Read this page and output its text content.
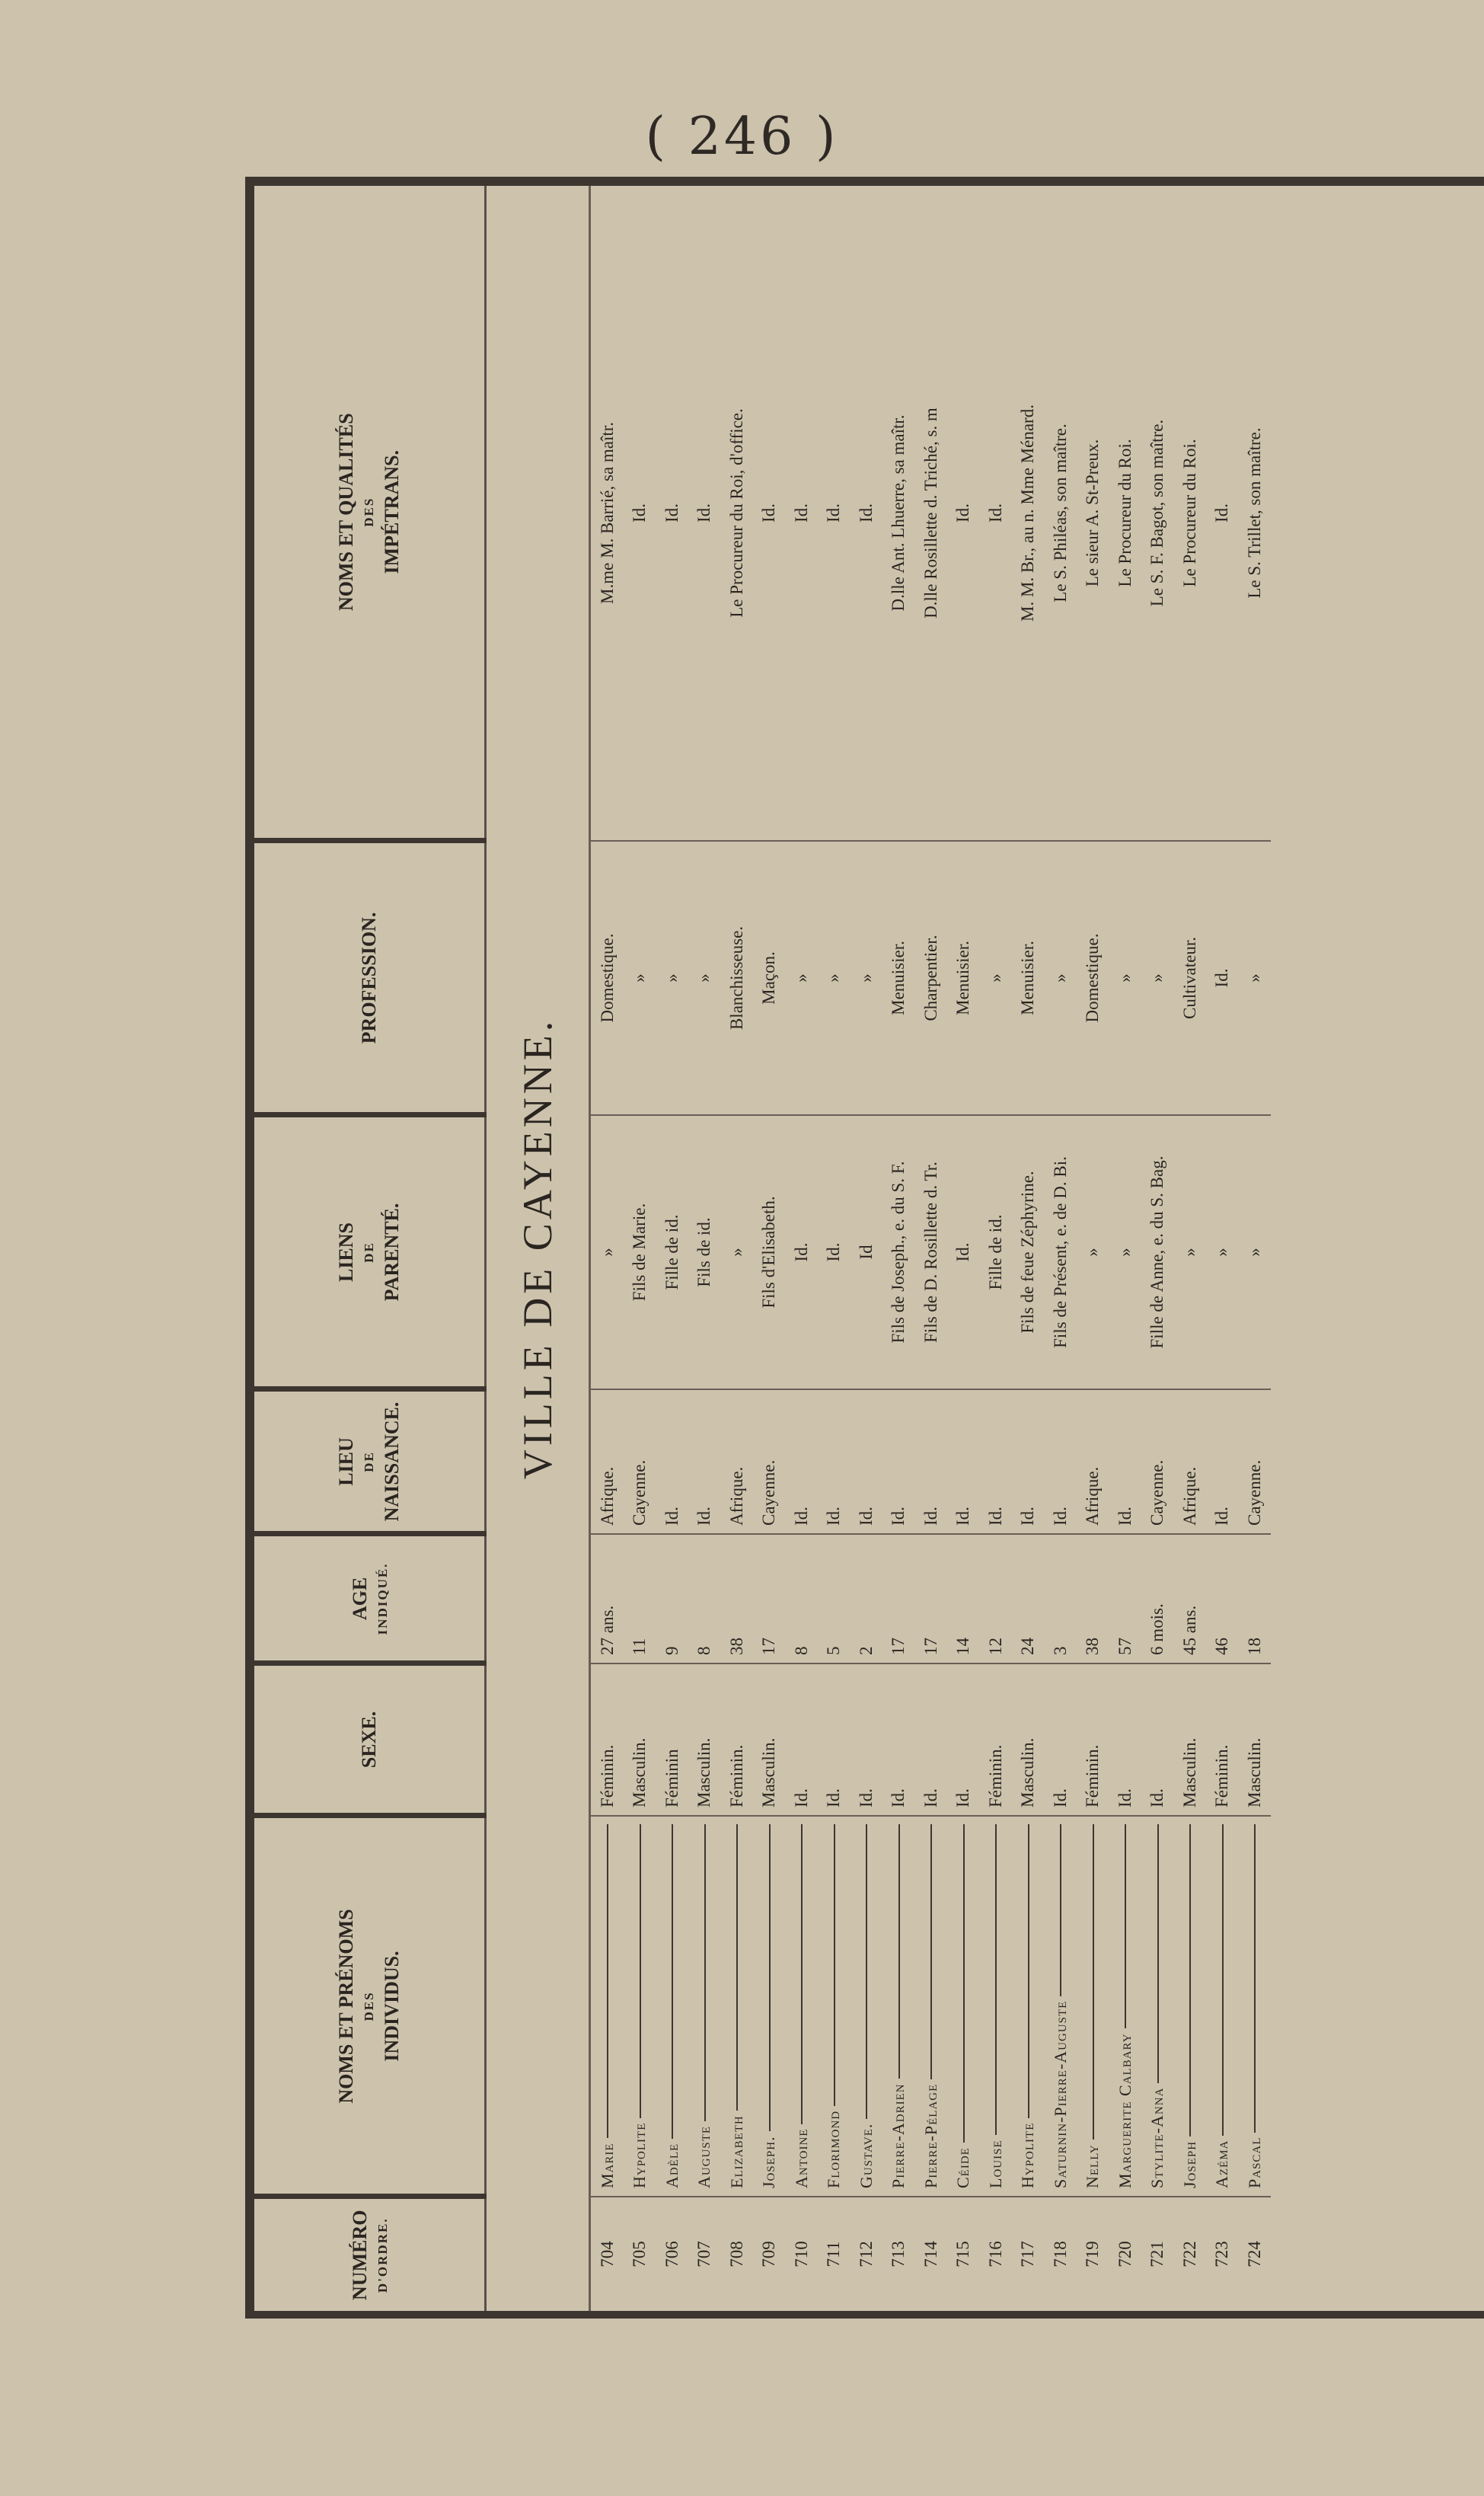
( 246 )
NUMÉRO D'ORDRE.	NOMS ET PRÉNOMS DES INDIVIDUS.	SEXE.	AGE INDIQUÉ.	LIEU DE NAISSANCE.	LIENS DE PARENTÉ.	PROFESSION.	NOMS ET QUALITÉS DES IMPÉTRANS.
VILLE DE CAYENNE.							
704	Marie	Féminin.	27 ans.	Afrique.	»	Domestique.	M.me M. Barrié, sa maîtr.
705	Hypolite	Masculin.	11	Cayenne.	Fils de Marie.	»	Id.
706	Adèle	Féminin	9	Id.	Fille de id.	»	Id.
707	Auguste	Masculin.	8	Id.	Fils de id.	»	Id.
708	Elizabeth	Féminin.	38	Afrique.	»	Blanchisseuse.	Le Procureur du Roi, d'office.
709	Joseph.	Masculin.	17	Cayenne.	Fils d'Elisabeth.	Maçon.	Id.
710	Antoine	Id.	8	Id.	Id.	»	Id.
711	Florimond	Id.	5	Id.	Id.	»	Id.
712	Gustave.	Id.	2	Id.	Id	»	Id.
713	Pierre-Adrien	Id.	17	Id.	Fils de Joseph., e. du S. F.	Menuisier.	D.lle Ant. Lhuerre, sa maîtr.
714	Pierre-Pélage	Id.	17	Id.	Fils de D. Rosillette d. Tr.	Charpentier.	D.lle Rosillette d. Triché, s. m
715	Céide	Id.	14	Id.	Id.	Menuisier.	Id.
716	Louise	Féminin.	12	Id.	Fille de id.	»	Id.
717	Hypolite	Masculin.	24	Id.	Fils de feue Zéphyrine.	Menuisier.	M. M. Br., au n. Mme Ménard.
718	Saturnin-Pierre-Auguste	Id.	3	Id.	Fils de Présent, e. de D. Bi.	»	Le S. Philéas, son maître.
719	Nelly	Féminin.	38	Afrique.	»	Domestique.	Le sieur A. St-Preux.
720	Marguerite Calbary	Id.	57	Id.	»	»	Le Procureur du Roi.
721	Stylite-Anna	Id.	6 mois.	Cayenne.	Fille de Anne, e. du S. Bag.	»	Le S. F. Bagot, son maître.
722	Joseph	Masculin.	45 ans.	Afrique.	»	Cultivateur.	Le Procureur du Roi.
723	Azéma	Féminin.	46	Id.	»	Id.	Id.
724	Pascal	Masculin.	18	Cayenne.	»	»	Le S. Trillet, son maître.
